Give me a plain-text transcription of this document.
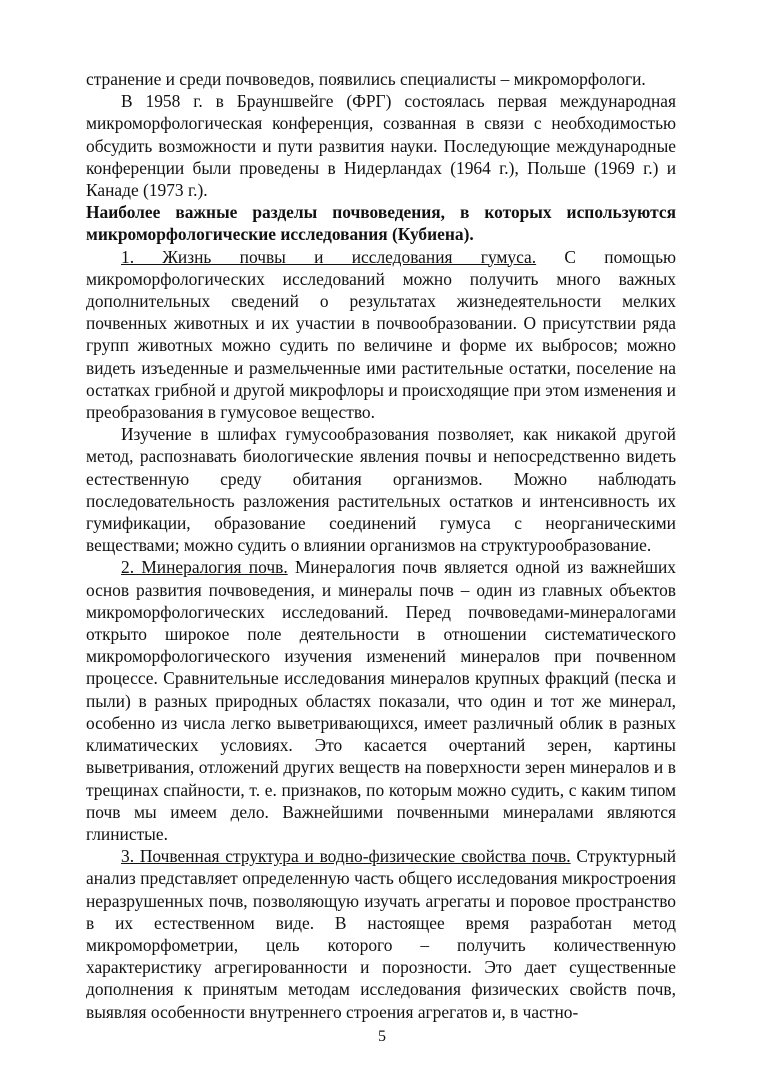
странение и среди почвоведов, появились специалисты – микроморфологи.

В 1958 г. в Брауншвейге (ФРГ) состоялась первая международная микроморфологическая конференция, созванная в связи с необходимостью обсудить возможности и пути развития науки. Последующие международные конференции были проведены в Нидерландах (1964 г.), Польше (1969 г.) и Канаде (1973 г.).

Наиболее важные разделы почвоведения, в которых используются микроморфологические исследования (Кубиена).

1. Жизнь почвы и исследования гумуса. С помощью микроморфологических исследований можно получить много важных дополнительных сведений о результатах жизнедеятельности мелких почвенных животных и их участии в почвообразовании. О присутствии ряда групп животных можно судить по величине и форме их выбросов; можно видеть изъеденные и размельченные ими растительные остатки, поселение на остатках грибной и другой микрофлоры и происходящие при этом изменения и преобразования в гумусовое вещество.

Изучение в шлифах гумусообразования позволяет, как никакой другой метод, распознавать биологические явления почвы и непосредственно видеть естественную среду обитания организмов. Можно наблюдать последовательность разложения растительных остатков и интенсивность их гумификации, образование соединений гумуса с неорганическими веществами; можно судить о влиянии организмов на структурообразование.

2. Минералогия почв. Минералогия почв является одной из важнейших основ развития почвоведения, и минералы почв – один из главных объектов микроморфологических исследований. Перед почвоведами-минералогами открыто широкое поле деятельности в отношении систематического микроморфологического изучения изменений минералов при почвенном процессе. Сравнительные исследования минералов крупных фракций (песка и пыли) в разных природных областях показали, что один и тот же минерал, особенно из числа легко выветривающихся, имеет различный облик в разных климатических условиях. Это касается очертаний зерен, картины выветривания, отложений других веществ на поверхности зерен минералов и в трещинах спайности, т. е. признаков, по которым можно судить, с каким типом почв мы имеем дело. Важнейшими почвенными минералами являются глинистые.

3. Почвенная структура и водно-физические свойства почв. Структурный анализ представляет определенную часть общего исследования микростроения неразрушенных почв, позволяющую изучать агрегаты и поровое пространство в их естественном виде. В настоящее время разработан метод микроморфометрии, цель которого – получить количественную характеристику агрегированности и порозности. Это дает существенные дополнения к принятым методам исследования физических свойств почв, выявляя особенности внутреннего строения агрегатов и, в частно-

5
